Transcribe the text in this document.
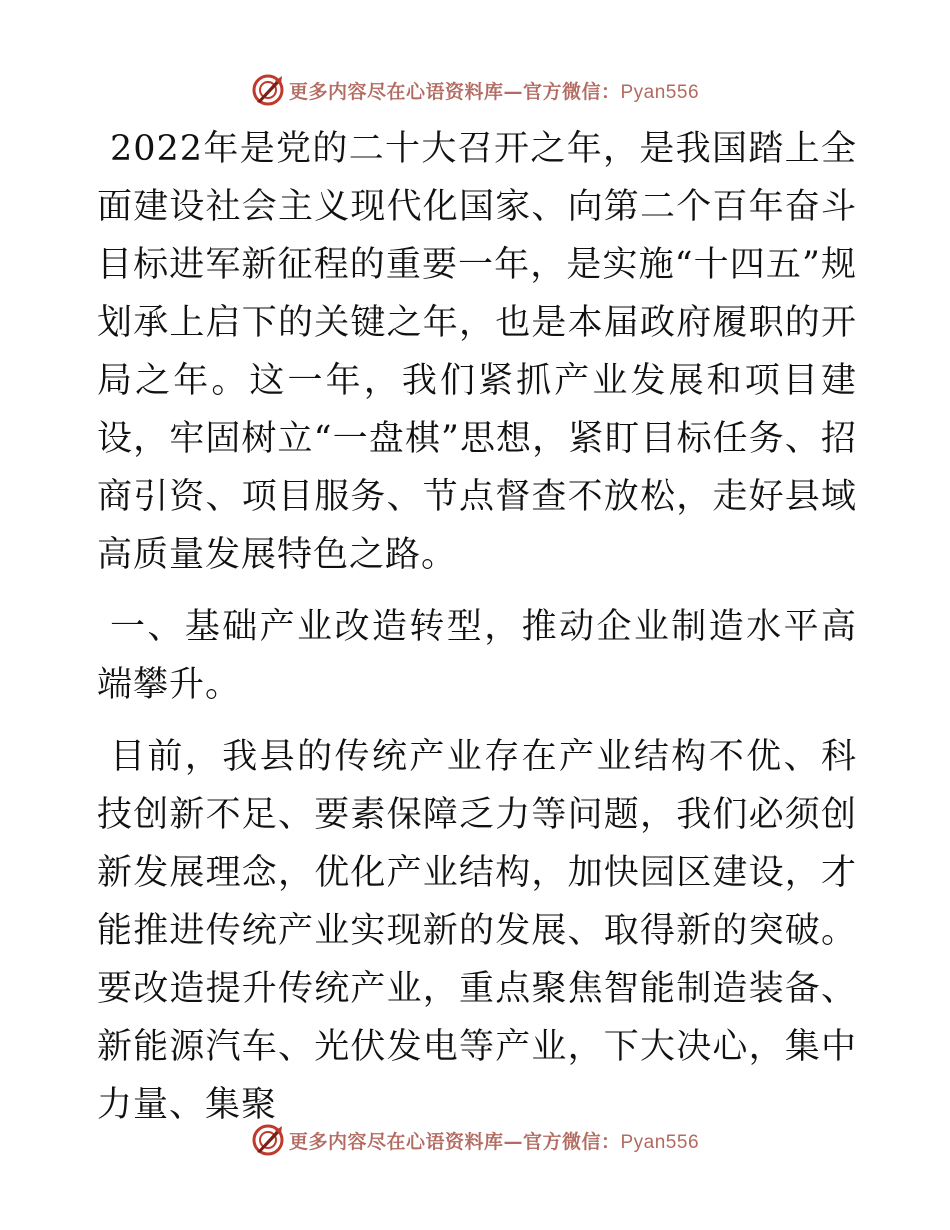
更多内容尽在心语资料库—官方微信：Pyan556

2022年是党的二十大召开之年，是我国踏上全面建设社会主义现代化国家、向第二个百年奋斗目标进军新征程的重要一年，是实施“十四五”规划承上启下的关键之年，也是本届政府履职的开局之年。这一年，我们紧抓产业发展和项目建设，牢固树立“一盘棋”思想，紧盯目标任务、招商引资、项目服务、节点督查不放松，走好县域高质量发展特色之路。

一、基础产业改造转型，推动企业制造水平高端攀升。

目前，我县的传统产业存在产业结构不优、科技创新不足、要素保障乏力等问题，我们必须创新发展理念，优化产业结构，加快园区建设，才能推进传统产业实现新的发展、取得新的突破。要改造提升传统产业，重点聚焦智能制造装备、新能源汽车、光伏发电等产业，下大决心，集中力量、集聚

更多内容尽在心语资料库—官方微信：Pyan556
